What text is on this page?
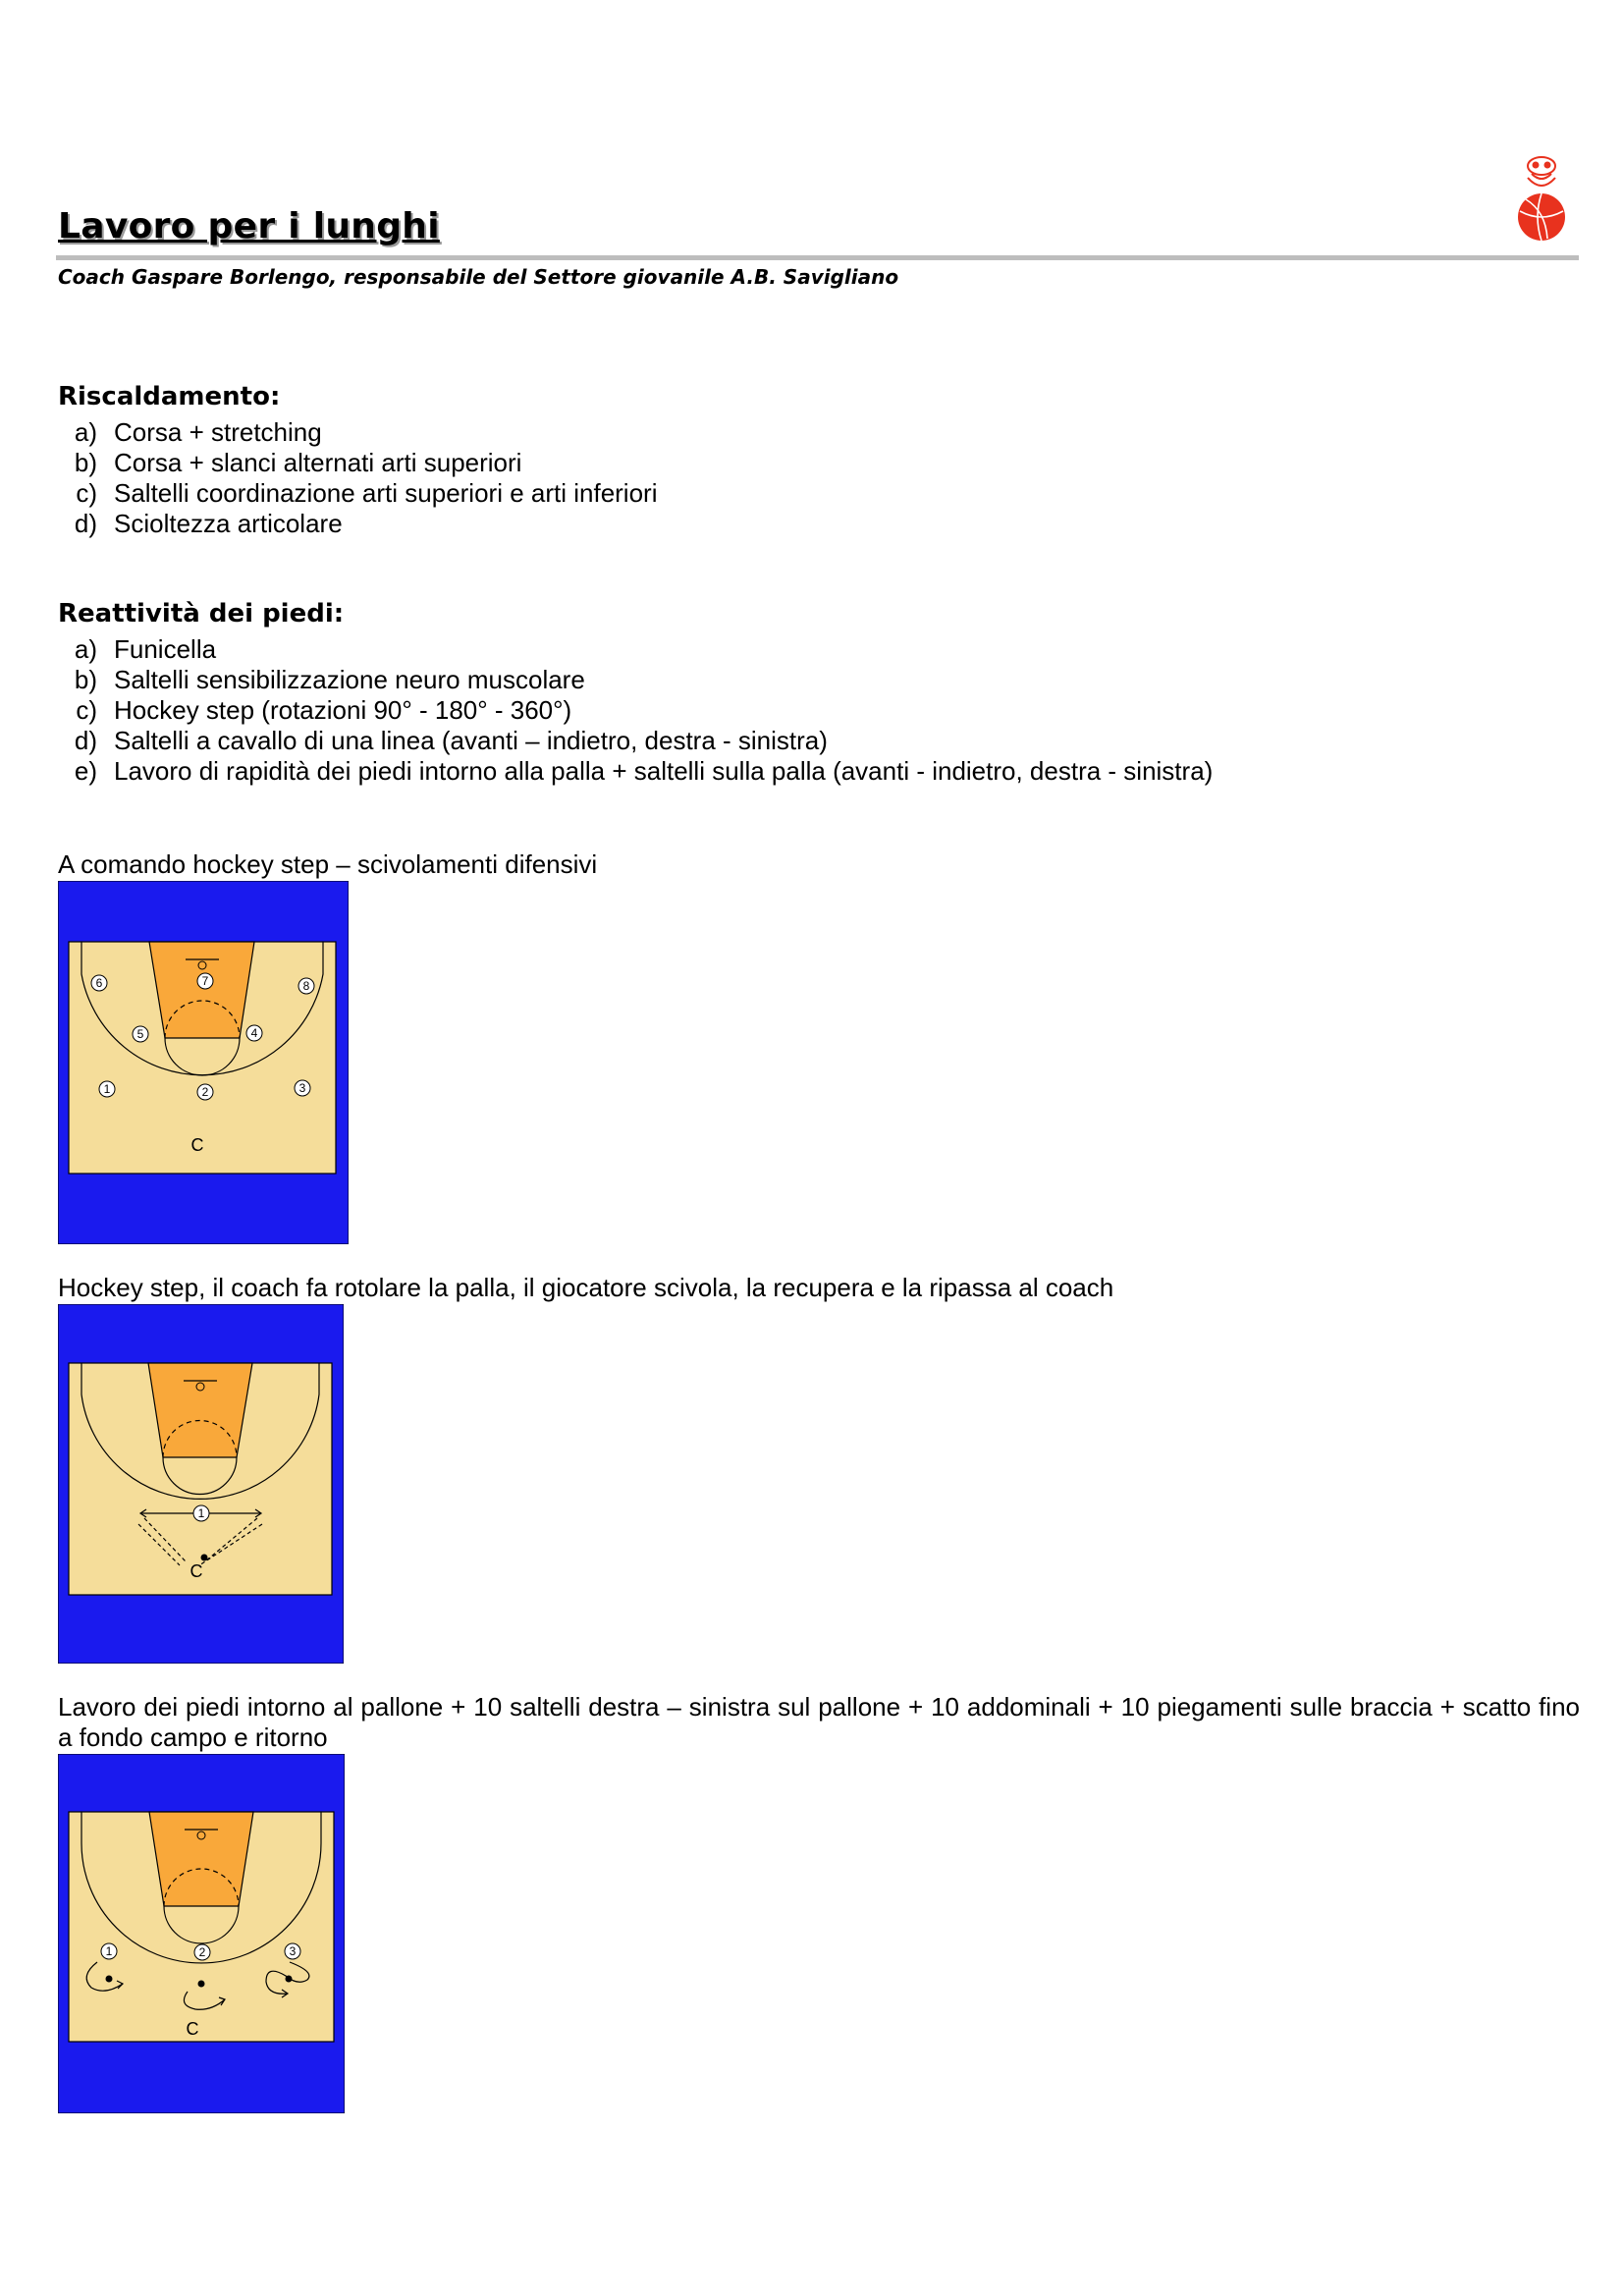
Lavoro per i lunghi
Coach Gaspare Borlengo, responsabile del Settore giovanile A.B. Savigliano
Riscaldamento:
a) Corsa + stretching
b) Corsa + slanci alternati arti superiori
c) Saltelli coordinazione arti superiori e arti inferiori
d) Scioltezza articolare
Reattività dei piedi:
a) Funicella
b) Saltelli sensibilizzazione neuro muscolare
c) Hockey step (rotazioni 90° - 180° - 360°)
d) Saltelli a cavallo di una linea (avanti – indietro, destra - sinistra)
e) Lavoro di rapidità dei piedi intorno alla palla + saltelli sulla palla (avanti - indietro, destra - sinistra)
A comando hockey step – scivolamenti difensivi
6	7	8
5	4
1	2	3
C
Hockey step, il coach fa rotolare la palla, il giocatore scivola, la recupera e la ripassa al coach
1
C
Lavoro dei piedi intorno al pallone + 10 saltelli destra – sinistra sul pallone + 10 addominali + 10 piegamenti sulle braccia + scatto fino a fondo campo e ritorno
1	2	3
C
